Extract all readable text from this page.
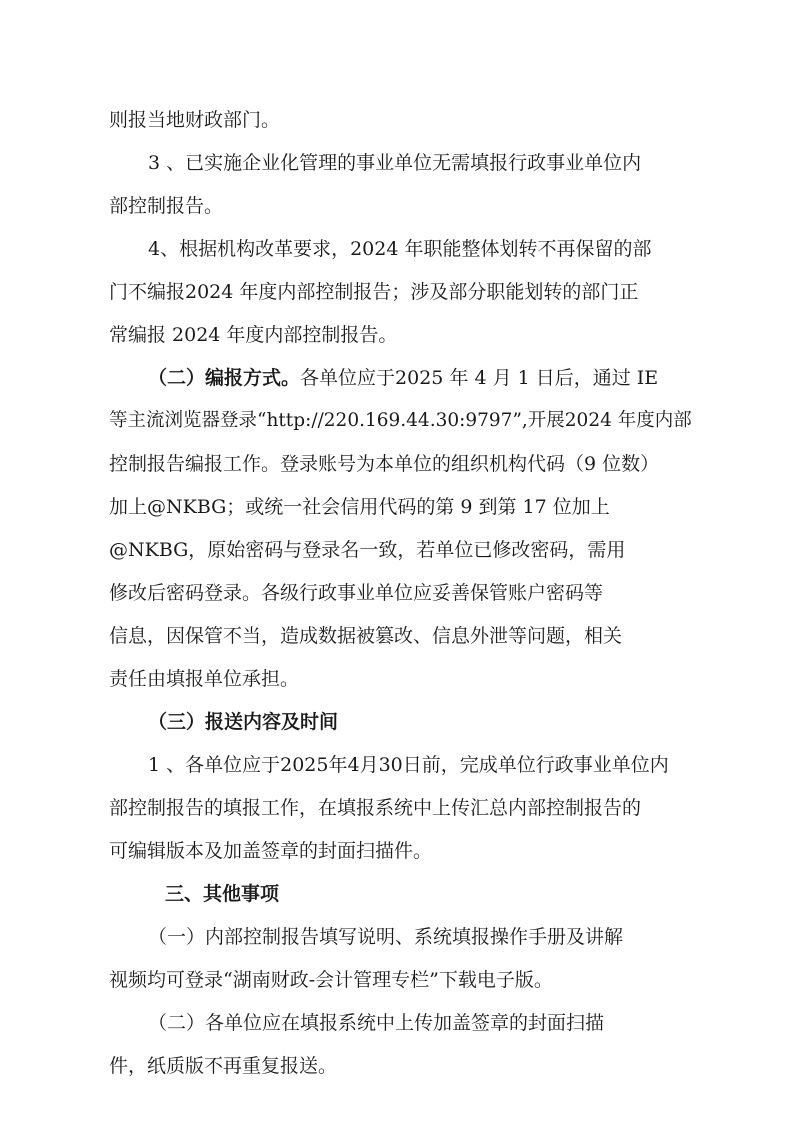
则报当地财政部门。
3 、已实施企业化管理的事业单位无需填报行政事业单位内
部控制报告。
4、根据机构改革要求，2024 年职能整体划转不再保留的部
门不编报2024 年度内部控制报告；涉及部分职能划转的部门正
常编报 2024 年度内部控制报告。
（二）编报方式。各单位应于2025 年 4 月 1 日后，通过 IE
等主流浏览器登录“http://220.169.44.30:9797”,开展2024 年度内部
控制报告编报工作。登录账号为本单位的组织机构代码（9 位数）
加上@NKBG；或统一社会信用代码的第 9 到第 17 位加上
@NKBG，原始密码与登录名一致，若单位已修改密码，需用
修改后密码登录。各级行政事业单位应妥善保管账户密码等
信息，因保管不当，造成数据被篡改、信息外泄等问题，相关
责任由填报单位承担。
（三）报送内容及时间
1 、各单位应于2025年4月30日前，完成单位行政事业单位内
部控制报告的填报工作，在填报系统中上传汇总内部控制报告的
可编辑版本及加盖签章的封面扫描件。
三、其他事项
（一）内部控制报告填写说明、系统填报操作手册及讲解
视频均可登录“湖南财政-会计管理专栏”下载电子版。
（二）各单位应在填报系统中上传加盖签章的封面扫描
件，纸质版不再重复报送。
